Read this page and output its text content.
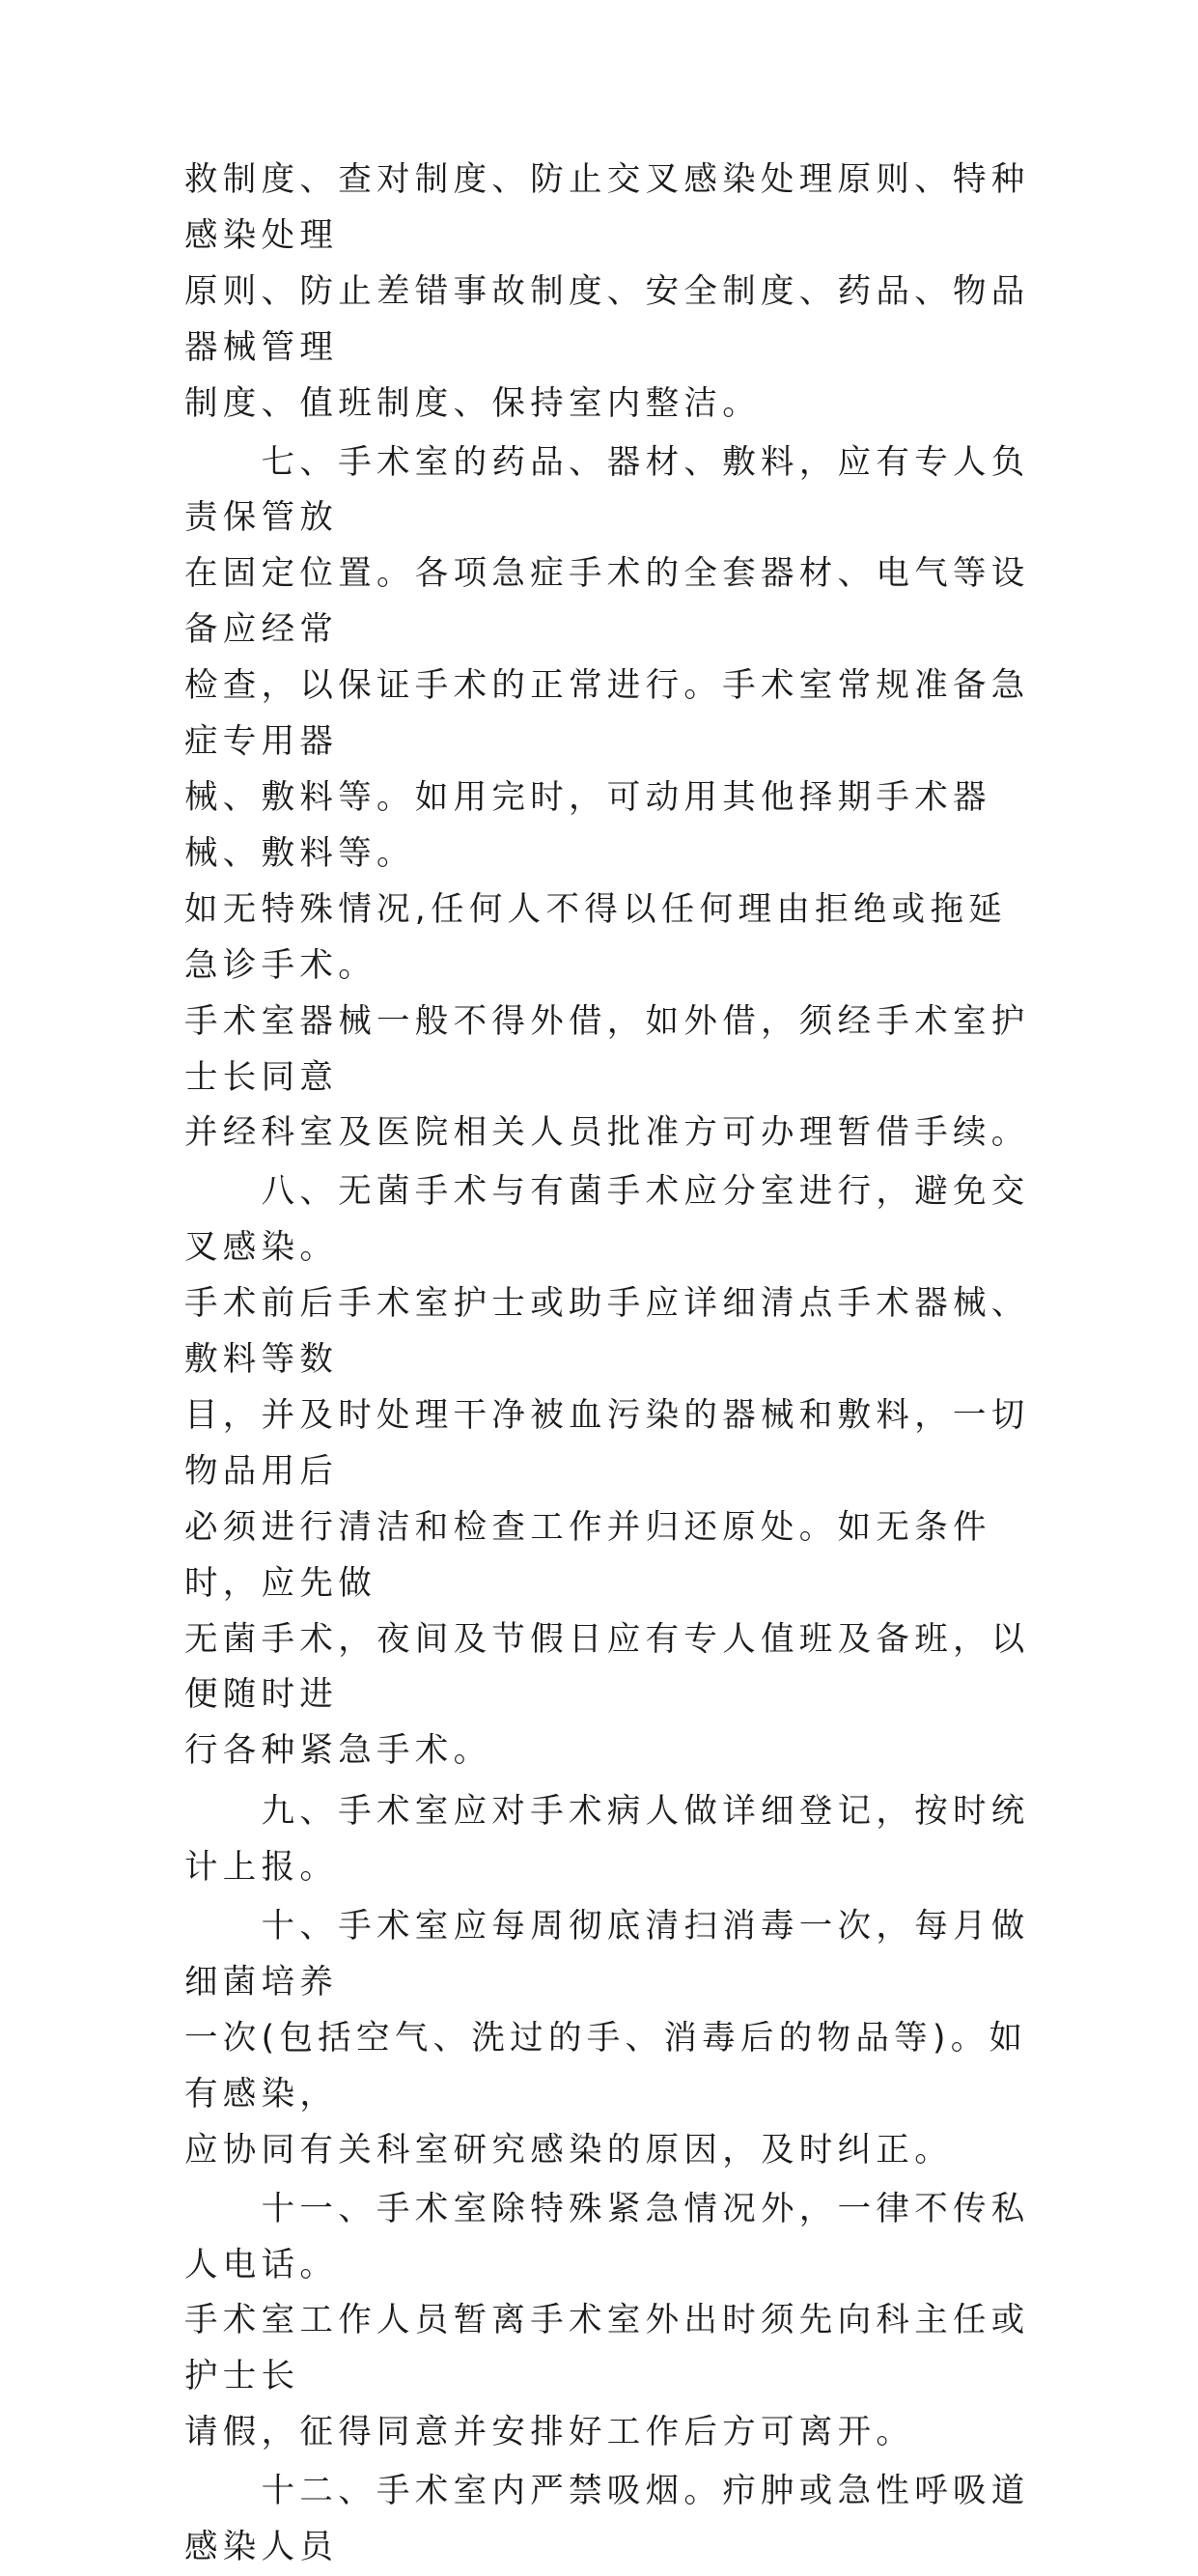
救制度、查对制度、防止交叉感染处理原则、特种感染处理
原则、防止差错事故制度、安全制度、药品、物品器械管理
制度、值班制度、保持室内整洁。
　　七、手术室的药品、器材、敷料，应有专人负责保管放
在固定位置。各项急症手术的全套器材、电气等设备应经常
检查，以保证手术的正常进行。手术室常规准备急症专用器
械、敷料等。如用完时，可动用其他择期手术器械、敷料等。
如无特殊情况,任何人不得以任何理由拒绝或拖延急诊手术。
手术室器械一般不得外借，如外借，须经手术室护士长同意
并经科室及医院相关人员批准方可办理暂借手续。
　　八、无菌手术与有菌手术应分室进行，避免交叉感染。
手术前后手术室护士或助手应详细清点手术器械、敷料等数
目，并及时处理干净被血污染的器械和敷料，一切物品用后
必须进行清洁和检查工作并归还原处。如无条件时，应先做
无菌手术，夜间及节假日应有专人值班及备班，以便随时进
行各种紧急手术。
　　九、手术室应对手术病人做详细登记，按时统计上报。
　　十、手术室应每周彻底清扫消毒一次，每月做细菌培养
一次(包括空气、洗过的手、消毒后的物品等)。如有感染，
应协同有关科室研究感染的原因，及时纠正。
　　十一、手术室除特殊紧急情况外，一律不传私人电话。
手术室工作人员暂离手术室外出时须先向科主任或护士长
请假，征得同意并安排好工作后方可离开。
　　十二、手术室内严禁吸烟。疖肿或急性呼吸道感染人员
